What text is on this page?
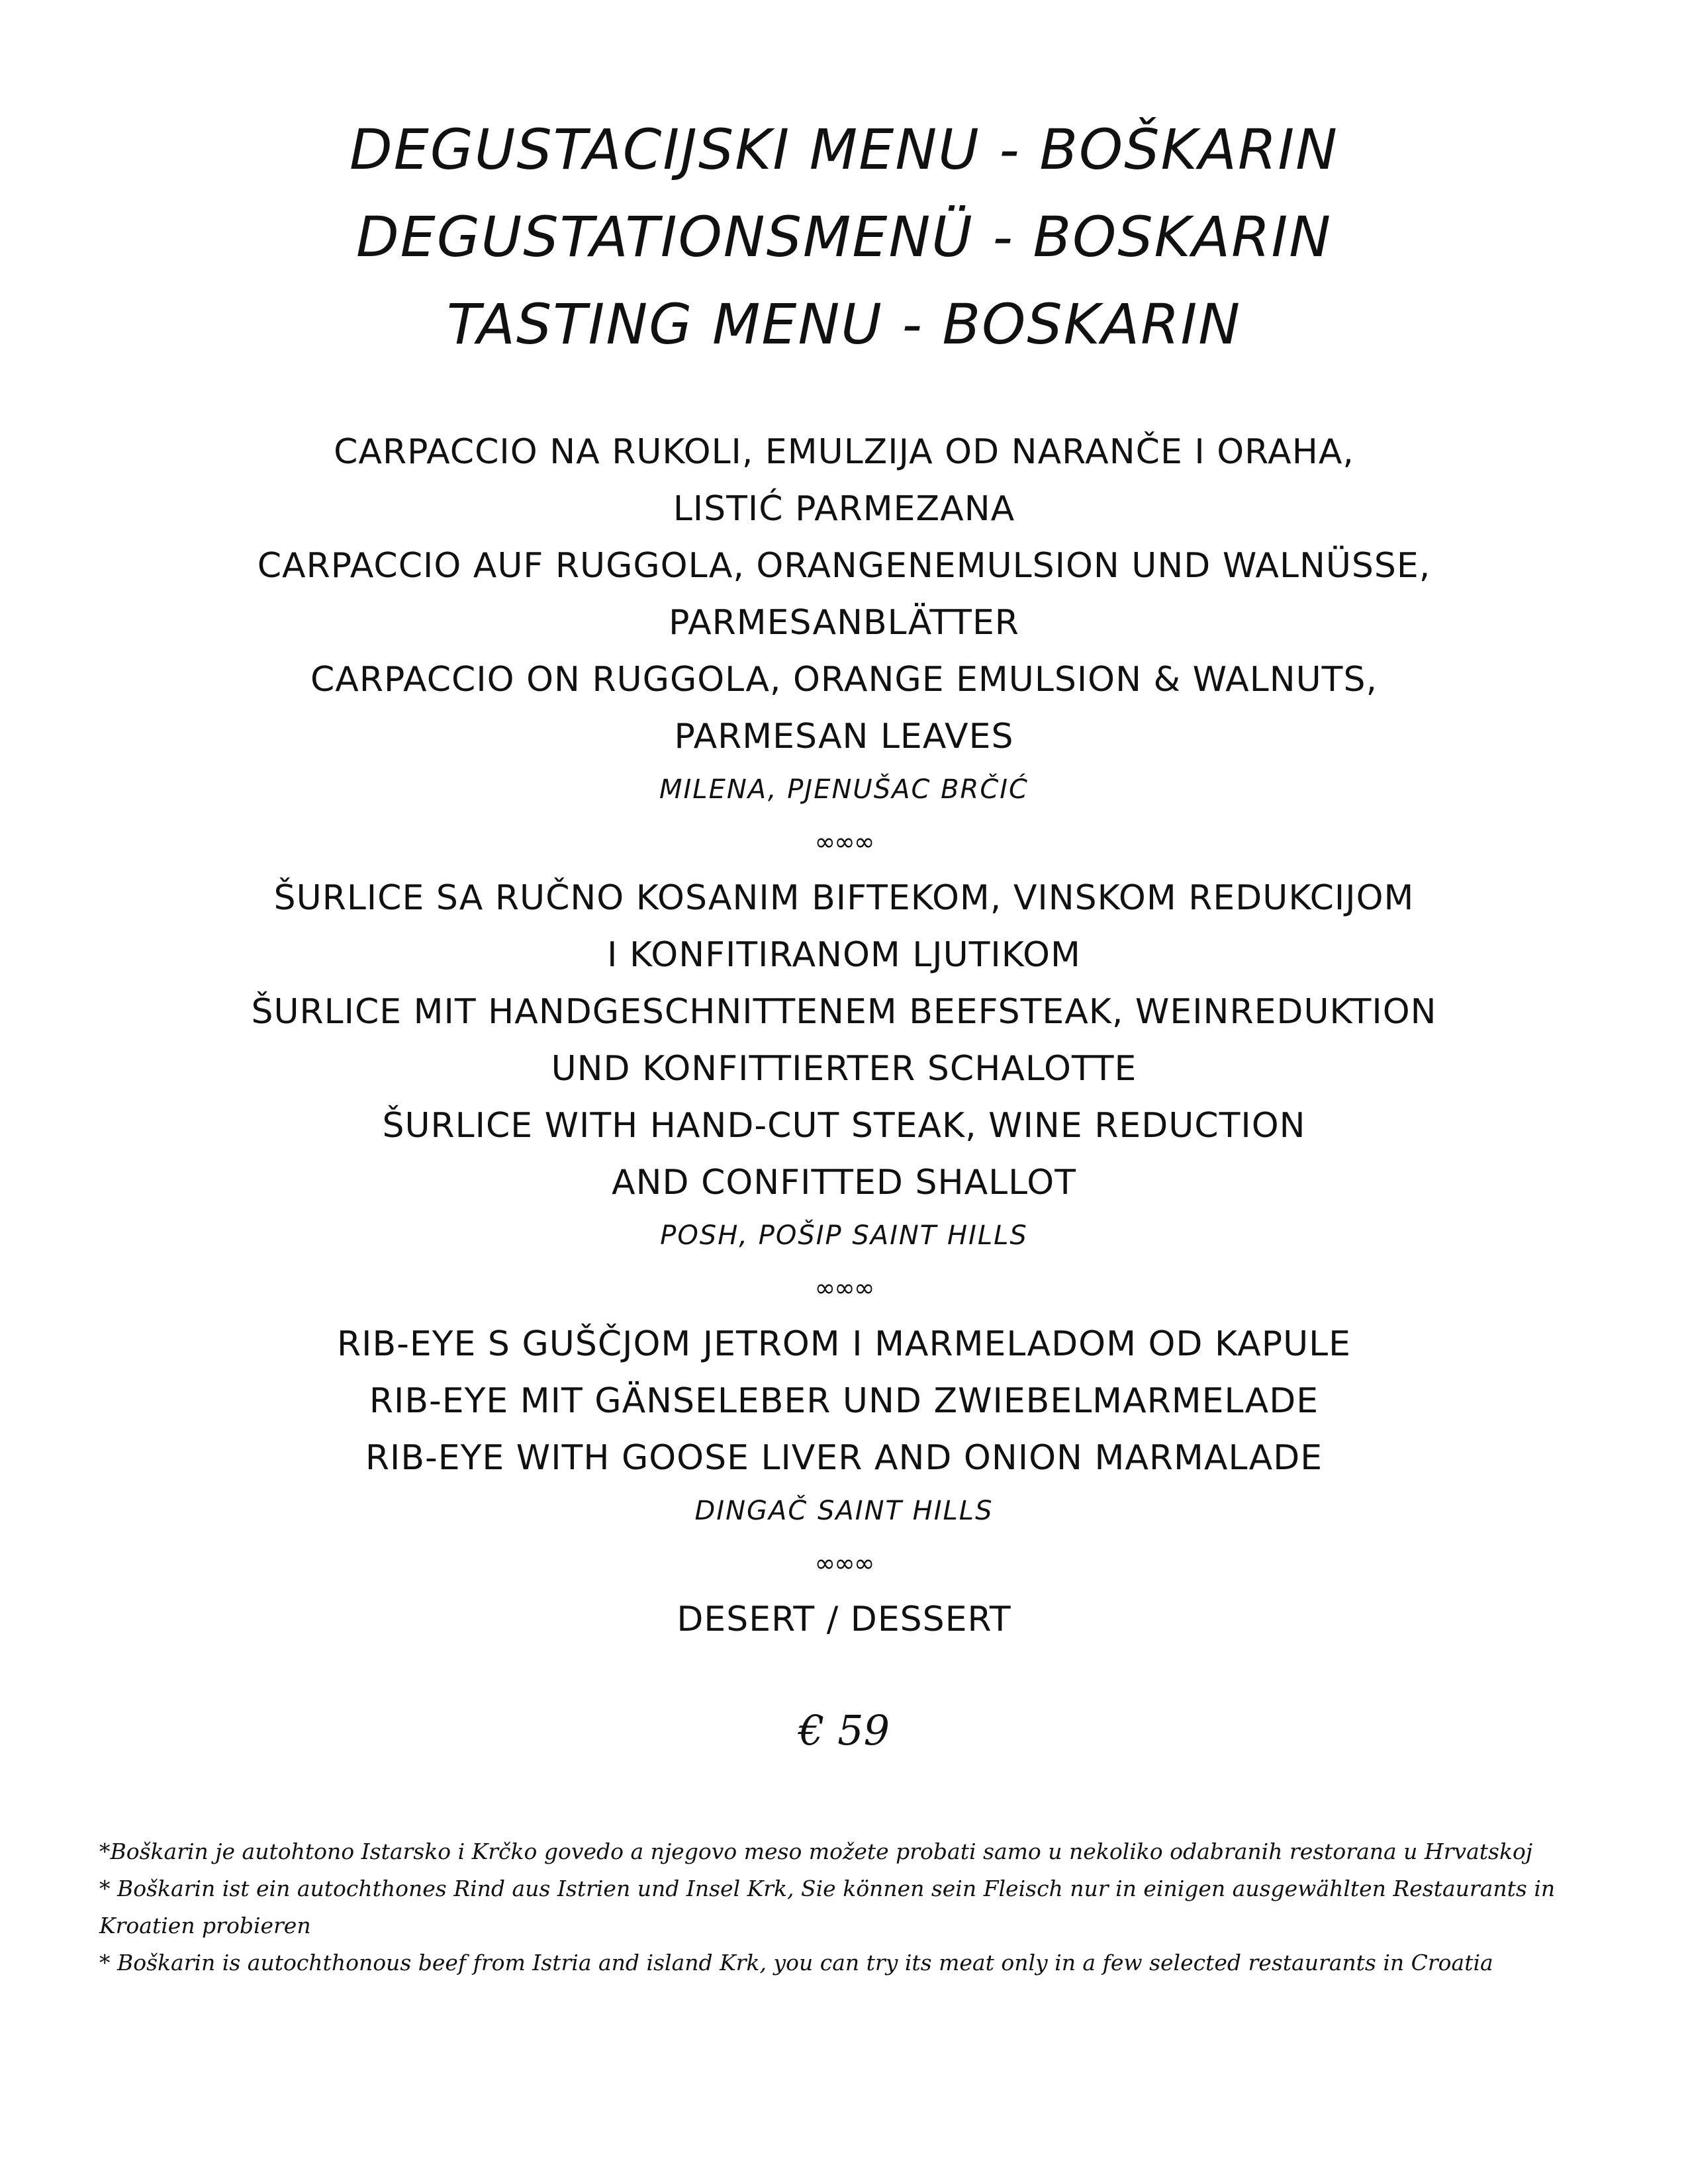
DEGUSTACIJSKI MENU - BOŠKARIN
DEGUSTATIONSMENÜ - BOSKARIN
TASTING MENU - BOSKARIN
CARPACCIO NA RUKOLI, EMULZIJA OD NARANČE I ORAHA,
LISTIĆ PARMEZANA
CARPACCIO AUF RUGGOLA, ORANGENEMULSION UND WALNÜSSE,
PARMESANBLÄTTER
CARPACCIO ON RUGGOLA, ORANGE EMULSION & WALNUTS,
PARMESAN LEAVES
MILENA, PJENUŠAC BRČIĆ
∞∞∞
ŠURLICE SA RUČNO KOSANIM BIFTEKOM, VINSKOM REDUKCIJOM
I KONFITIRANOM LJUTIKOM
ŠURLICE MIT HANDGESCHNITTENEM BEEFSTEAK, WEINREDUKTION
UND KONFITTIERTER SCHALOTTE
ŠURLICE WITH HAND-CUT STEAK, WINE REDUCTION
AND CONFITTED SHALLOT
POSH, POŠIP SAINT HILLS
∞∞∞
RIB-EYE S GUŠČJOM JETROM I MARMELADOM OD KAPULE
RIB-EYE MIT GÄNSELEBER UND ZWIEBELMARMELADE
RIB-EYE WITH GOOSE LIVER AND ONION MARMALADE
DINGAČ SAINT HILLS
∞∞∞
DESERT / DESSERT
€ 59
*Boškarin je autohtono Istarsko i Krčko govedo a njegovo meso možete probati samo u nekoliko odabranih restorana u Hrvatskoj
* Boškarin ist ein autochthones Rind aus Istrien und Insel Krk, Sie können sein Fleisch nur in einigen ausgewählten Restaurants in Kroatien probieren
* Boškarin is autochthonous beef from Istria and island Krk, you can try its meat only in a few selected restaurants in Croatia
